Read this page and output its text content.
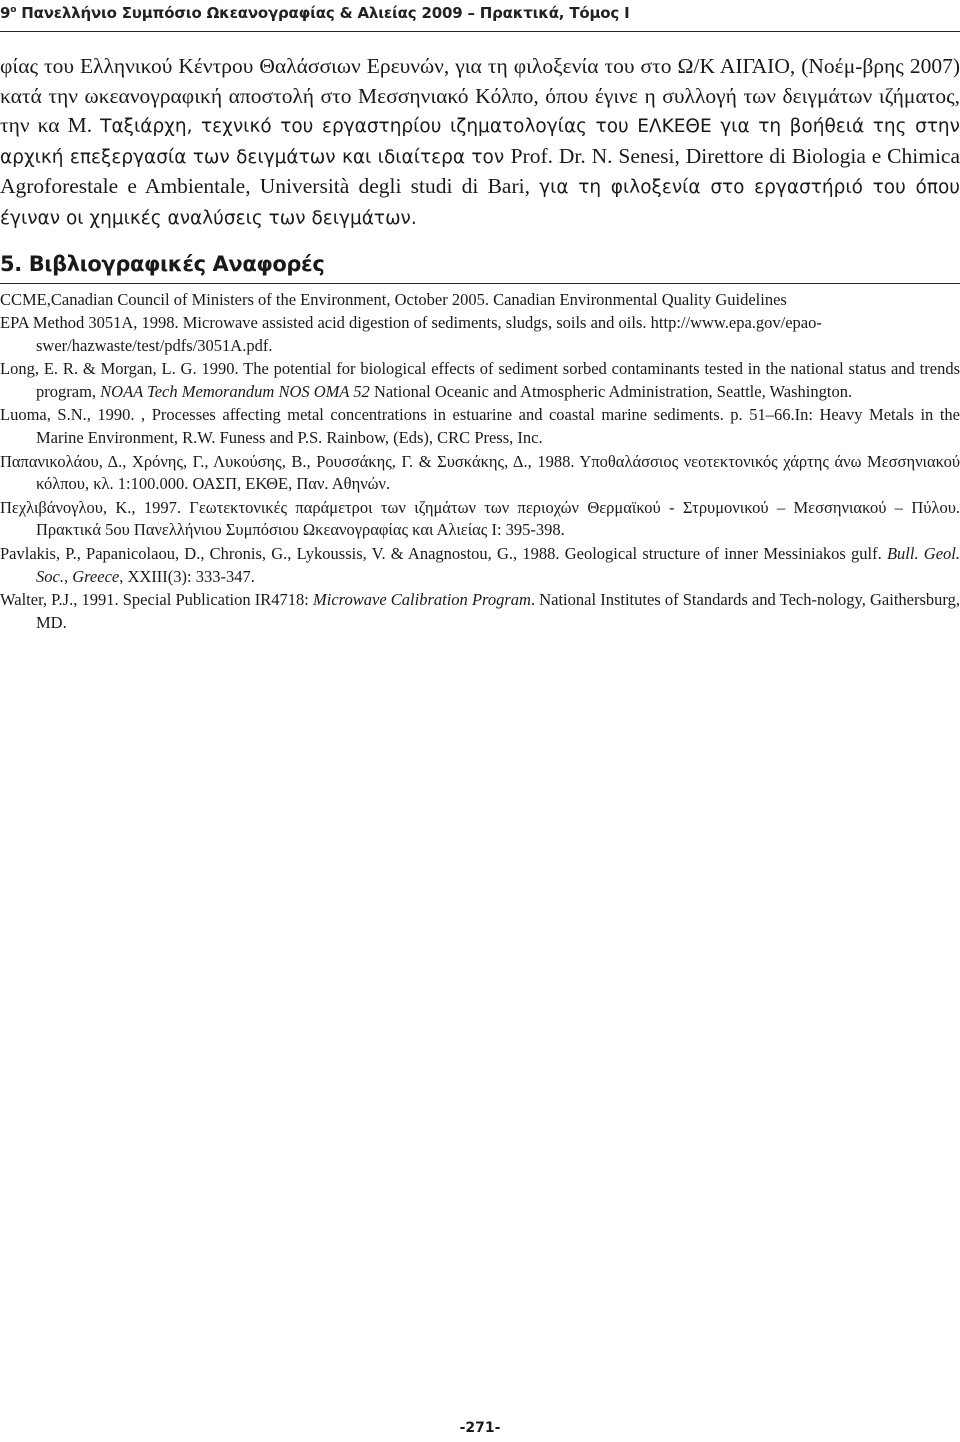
$9^o$ Πανελλήνιο Συμπόσιο Ωκεανογραφίας & Αλιείας 2009 – Πρακτικά, Τόμος I

φίας του Ελληνικού Κέντρου Θαλάσσιων Ερευνών, για τη φιλοξενία του στο Ω/Κ ΑΙΓΑΙΟ, (Νοέμ-βρης 2007) κατά την ωκεανογραφική αποστολή στο Μεσσηνιακό Κόλπο, όπου έγινε η συλλογή των δειγμάτων ιζήματος, την κα Μ. Ταξιάρχη, τεχνικό του εργαστηρίου ιζηματολογίας του ΕΛΚΕΘΕ για τη βοήθειά της στην αρχική επεξεργασία των δειγμάτων και ιδιαίτερα τον Prof. Dr. N. Senesi, Direttore di Biologia e Chimica Agroforestale e Ambientale, Università degli studi di Bari, για τη φιλοξενία στο εργαστήριό του όπου έγιναν οι χημικές αναλύσεις των δειγμάτων.

5. Βιβλιογραφικές Αναφορές
CCME,Canadian Council of Ministers of the Environment, October 2005. Canadian Environmental Quality Guidelines
EPA Method 3051A, 1998. Microwave assisted acid digestion of sediments, sludgs, soils and oils. http://www.epa.gov/epao-swer/hazwaste/test/pdfs/3051A.pdf.
Long, E. R. & Morgan, L. G. 1990. The potential for biological effects of sediment sorbed contaminants tested in the national status and trends program, NOAA Tech Memorandum NOS OMA 52 National Oceanic and Atmospheric Administration, Seattle, Washington.
Luoma, S.N., 1990. , Processes affecting metal concentrations in estuarine and coastal marine sediments. p. 51–66.In: Heavy Metals in the Marine Environment, R.W. Funess and P.S. Rainbow, (Eds), CRC Press, Inc.
Παπανικολάου, Δ., Χρόνης, Γ., Λυκούσης, Β., Ρουσσάκης, Γ. & Συσκάκης, Δ., 1988. Υποθαλάσσιος νεοτεκτονικός χάρτης άνω Μεσσηνιακού κόλπου, κλ. 1:100.000. ΟΑΣΠ, ΕΚΘΕ, Παν. Αθηνών.
Πεχλιβάνογλου, Κ., 1997. Γεωτεκτονικές παράμετροι των ιζημάτων των περιοχών Θερμαϊκού - Στρυμονικού – Μεσσηνιακού – Πύλου. Πρακτικά 5ου Πανελλήνιου Συμπόσιου Ωκεανογραφίας και Αλιείας Ι: 395-398.
Pavlakis, P., Papanicolaou, D., Chronis, G., Lykoussis, V. & Anagnostou, G., 1988. Geological structure of inner Messiniakos gulf. Bull. Geol. Soc., Greece, XXIII(3): 333-347.
Walter, P.J., 1991. Special Publication IR4718: Microwave Calibration Program. National Institutes of Standards and Tech-nology, Gaithersburg, MD.
-271-
